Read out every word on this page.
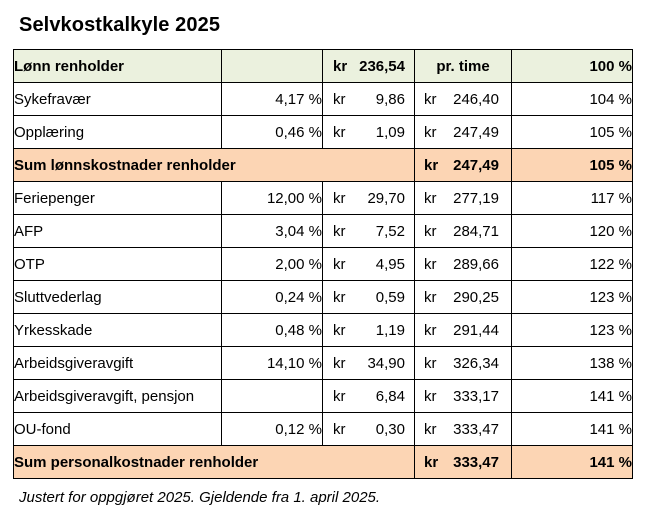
Selvkostkalkyle 2025
Lønn renholder		kr 236,54	pr. time	100 %
Sykefravær	4,17 %	kr 9,86	kr 246,40	104 %
Opplæring	0,46 %	kr 1,09	kr 247,49	105 %
Sum lønnskostnader renholder			kr 247,49	105 %
Feriepenger	12,00 %	kr 29,70	kr 277,19	117 %
AFP	3,04 %	kr 7,52	kr 284,71	120 %
OTP	2,00 %	kr 4,95	kr 289,66	122 %
Sluttvederlag	0,24 %	kr 0,59	kr 290,25	123 %
Yrkesskade	0,48 %	kr 1,19	kr 291,44	123 %
Arbeidsgiveravgift	14,10 %	kr 34,90	kr 326,34	138 %
Arbeidsgiveravgift, pensjon		kr 6,84	kr 333,17	141 %
OU-fond	0,12 %	kr 0,30	kr 333,47	141 %
Sum personalkostnader renholder			kr 333,47	141 %
Justert for oppgjøret 2025. Gjeldende fra 1. april 2025.
